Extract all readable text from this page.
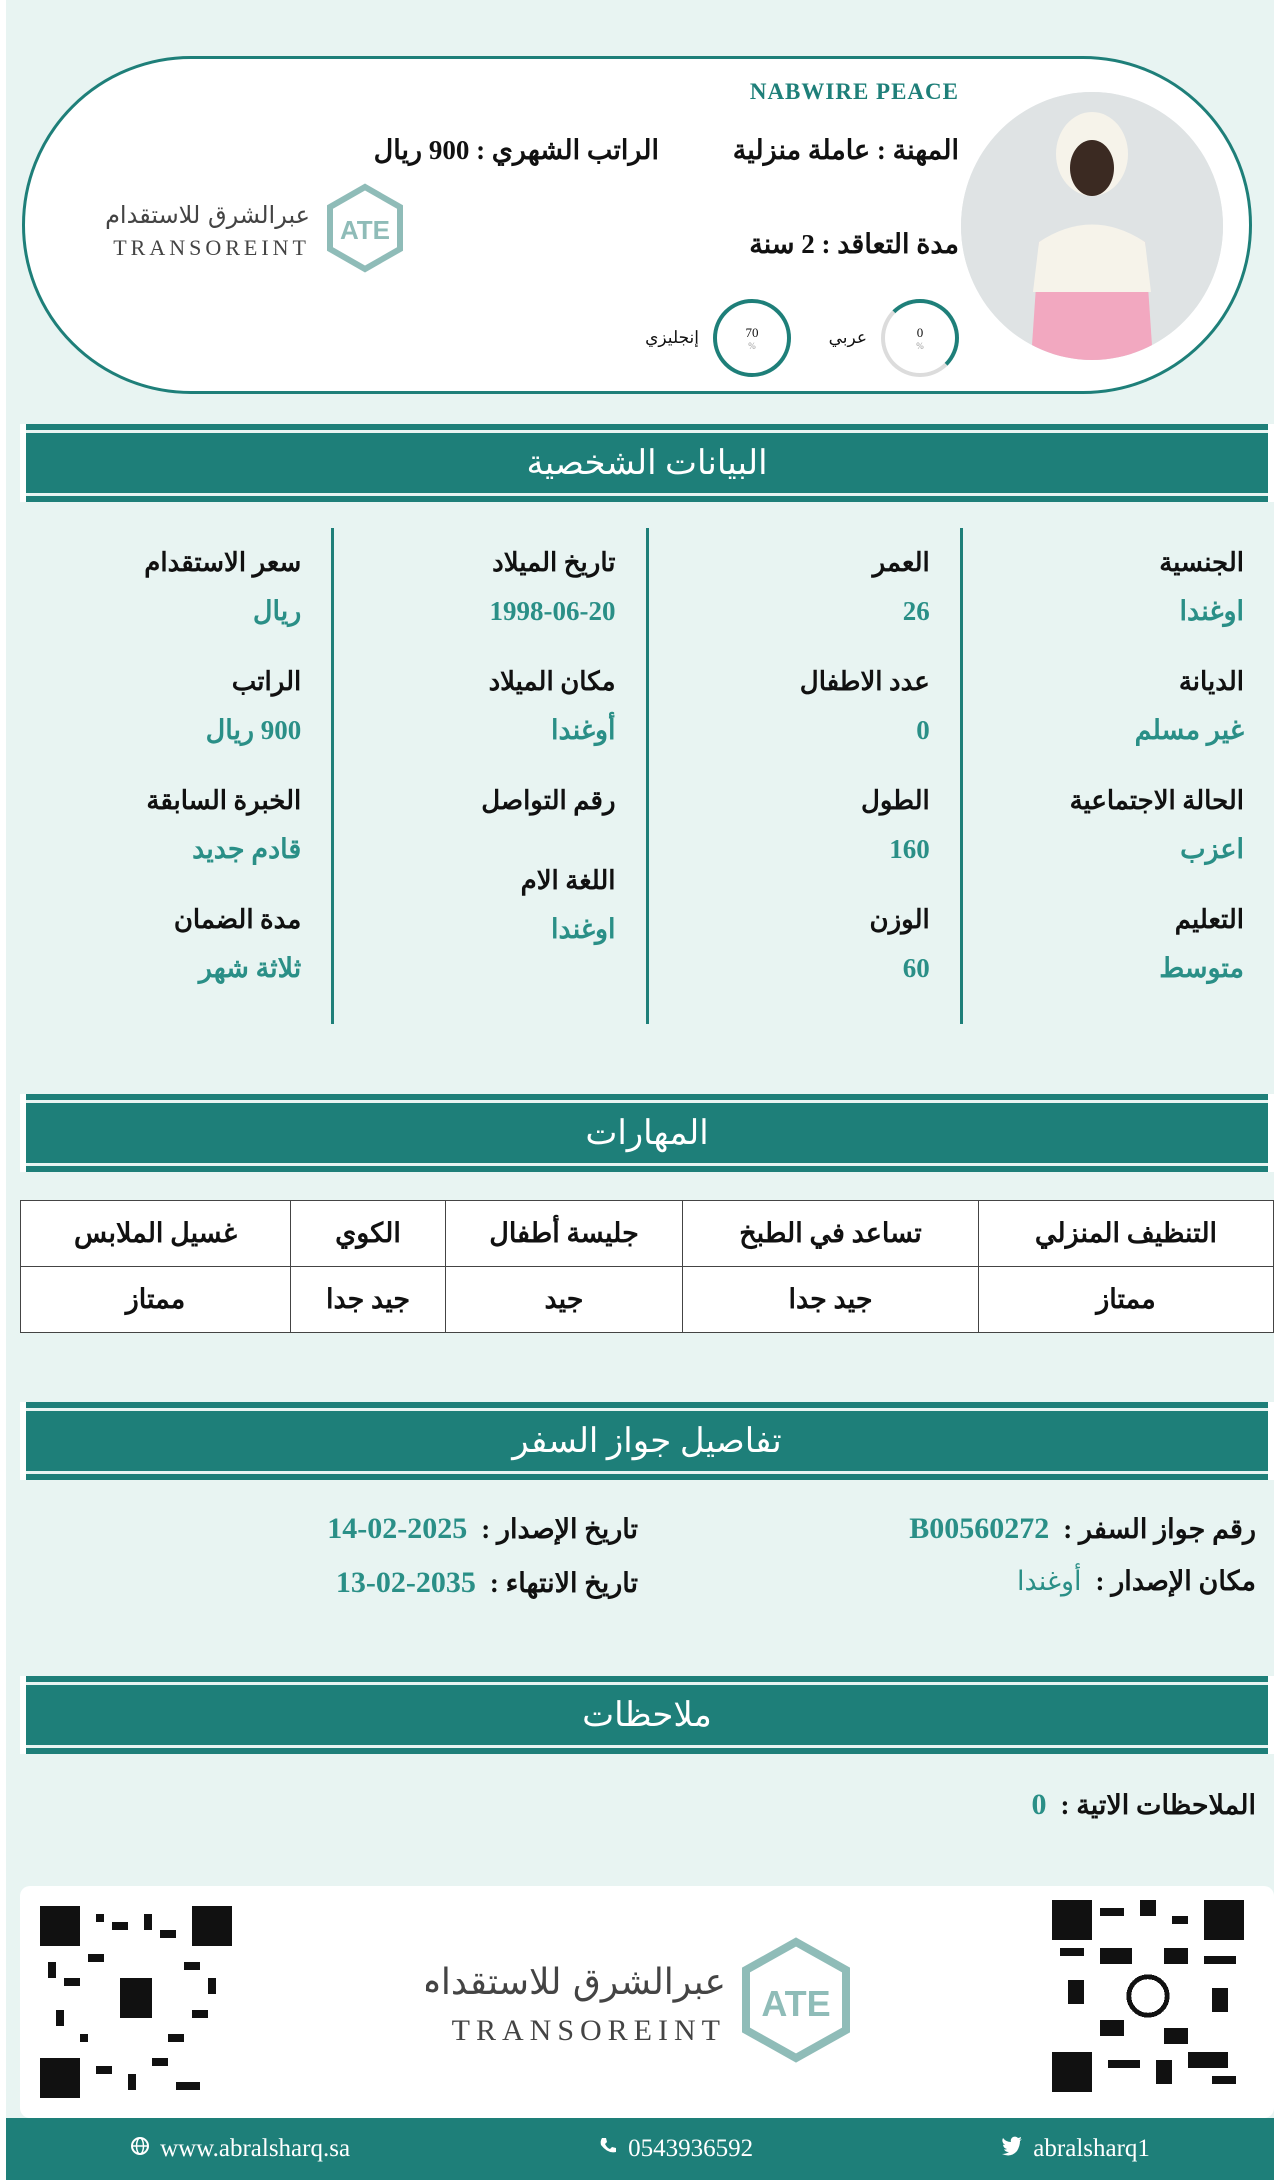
NABWIRE PEACE
المهنة : عاملة منزلية
الراتب الشهري : 900 ريال
مدة التعاقد : 2 سنة
0
%
عربي
70
%
إنجليزي
ATE
عبرالشرق للاستقدام
TRANSOREINT
البيانات الشخصية
الجنسية
اوغندا
الديانة
غير مسلم
الحالة الاجتماعية
اعزب
التعليم
متوسط
العمر
26
عدد الاطفال
0
الطول
160
الوزن
60
تاريخ الميلاد
1998-06-20
مكان الميلاد
أوغندا
رقم التواصل
اللغة الام
اوغندا
سعر الاستقدام
ريال
الراتب
900 ريال
الخبرة السابقة
قادم جديد
مدة الضمان
ثلاثة شهر
المهارات
التنظيف المنزلي	تساعد في الطبخ	جليسة أطفال	الكوي	غسيل الملابس
ممتاز	جيد جدا	جيد	جيد جدا	ممتاز
تفاصيل جواز السفر
رقم جواز السفر :B00560272
مكان الإصدار :أوغندا
تاريخ الإصدار :2025-02-14
تاريخ الانتهاء :2035-02-13
ملاحظات
الملاحظات الاتية :0
ATE
عبرالشرق للاستقدام
TRANSOREINT
www.abralsharq.sa	0543936592	abralsharq1
